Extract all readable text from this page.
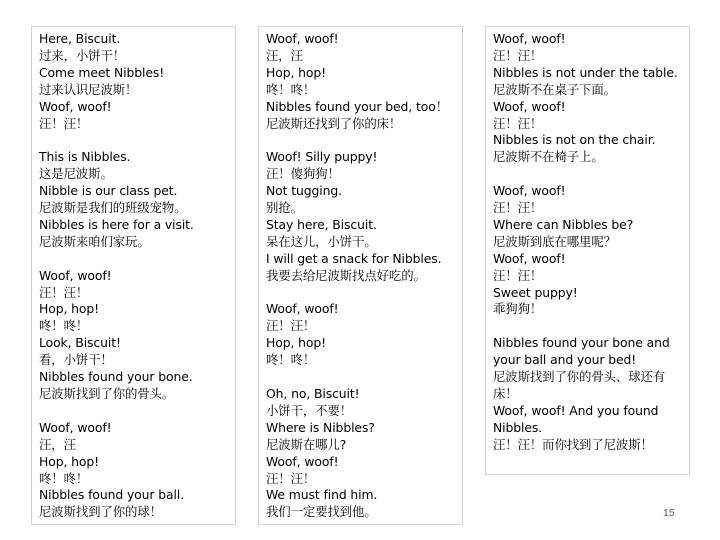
Here, Biscuit.
过来，小饼干！
Come meet Nibbles!
过来认识尼波斯！
Woof, woof!
汪！汪！
This is Nibbles.
这是尼波斯。
Nibble is our class pet.
尼波斯是我们的班级宠物。
Nibbles is here for a visit.
尼波斯来咱们家玩。
Woof, woof!
汪！汪！
Hop, hop!
咚！咚！
Look, Biscuit!
看，小饼干！
Nibbles found your bone.
尼波斯找到了你的骨头。
Woof, woof!
汪，汪
Hop, hop!
咚！咚！
Nibbles found your ball.
尼波斯找到了你的球！
Woof, woof!
汪，汪
Hop, hop!
咚！咚！
Nibbles found your bed, too！
尼波斯还找到了你的床！
Woof! Silly puppy!
汪！傻狗狗！
Not tugging.
别抢。
Stay here, Biscuit.
呆在这儿，小饼干。
I will get a snack for Nibbles.
我要去给尼波斯找点好吃的。
Woof, woof!
汪！汪！
Hop, hop!
咚！咚！
Oh, no, Biscuit!
小饼干，不要！
Where is Nibbles?
尼波斯在哪儿?
Woof, woof!
汪！汪！
We must find him.
我们一定要找到他。
Woof, woof!
汪！汪！
Nibbles is not under the table.
尼波斯不在桌子下面。
Woof, woof!
汪！汪！
Nibbles is not on the chair.
尼波斯不在椅子上。
Woof, woof!
汪！汪！
Where can Nibbles be?
尼波斯到底在哪里呢？
Woof, woof!
汪！汪！
Sweet puppy!
乖狗狗！
Nibbles found your bone and your ball and your bed!
尼波斯找到了你的骨头、球还有床！
Woof, woof! And you found Nibbles.
汪！汪！而你找到了尼波斯！
15
